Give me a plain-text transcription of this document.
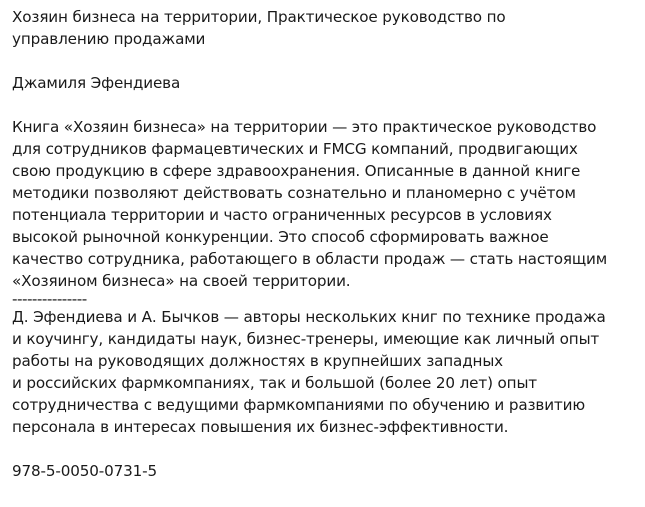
Хозяин бизнеса на территории, Практическое руководство по
управлению продажами
Джамиля Эфендиева
Книга «Хозяин бизнеса» на территории — это практическое руководство
для сотрудников фармацевтических и FMCG компаний, продвигающих
свою продукцию в сфере здравоохранения. Описанные в данной книге
методики позволяют действовать сознательно и планомерно с учётом
потенциала территории и часто ограниченных ресурсов в условиях
высокой рыночной конкуренции. Это способ сформировать важное
качество сотрудника, работающего в области продаж — стать настоящим
«Хозяином бизнеса» на своей территории.
---------------
Д. Эфендиева и А. Бычков — авторы нескольких книг по технике продажа
и коучингу, кандидаты наук, бизнес-тренеры, имеющие как личный опыт
работы на руководящих должностях в крупнейших западных
и российских фармкомпаниях, так и большой (более 20 лет) опыт
сотрудничества с ведущими фармкомпаниями по обучению и развитию
персонала в интересах повышения их бизнес-эффективности.
978-5-0050-0731-5
